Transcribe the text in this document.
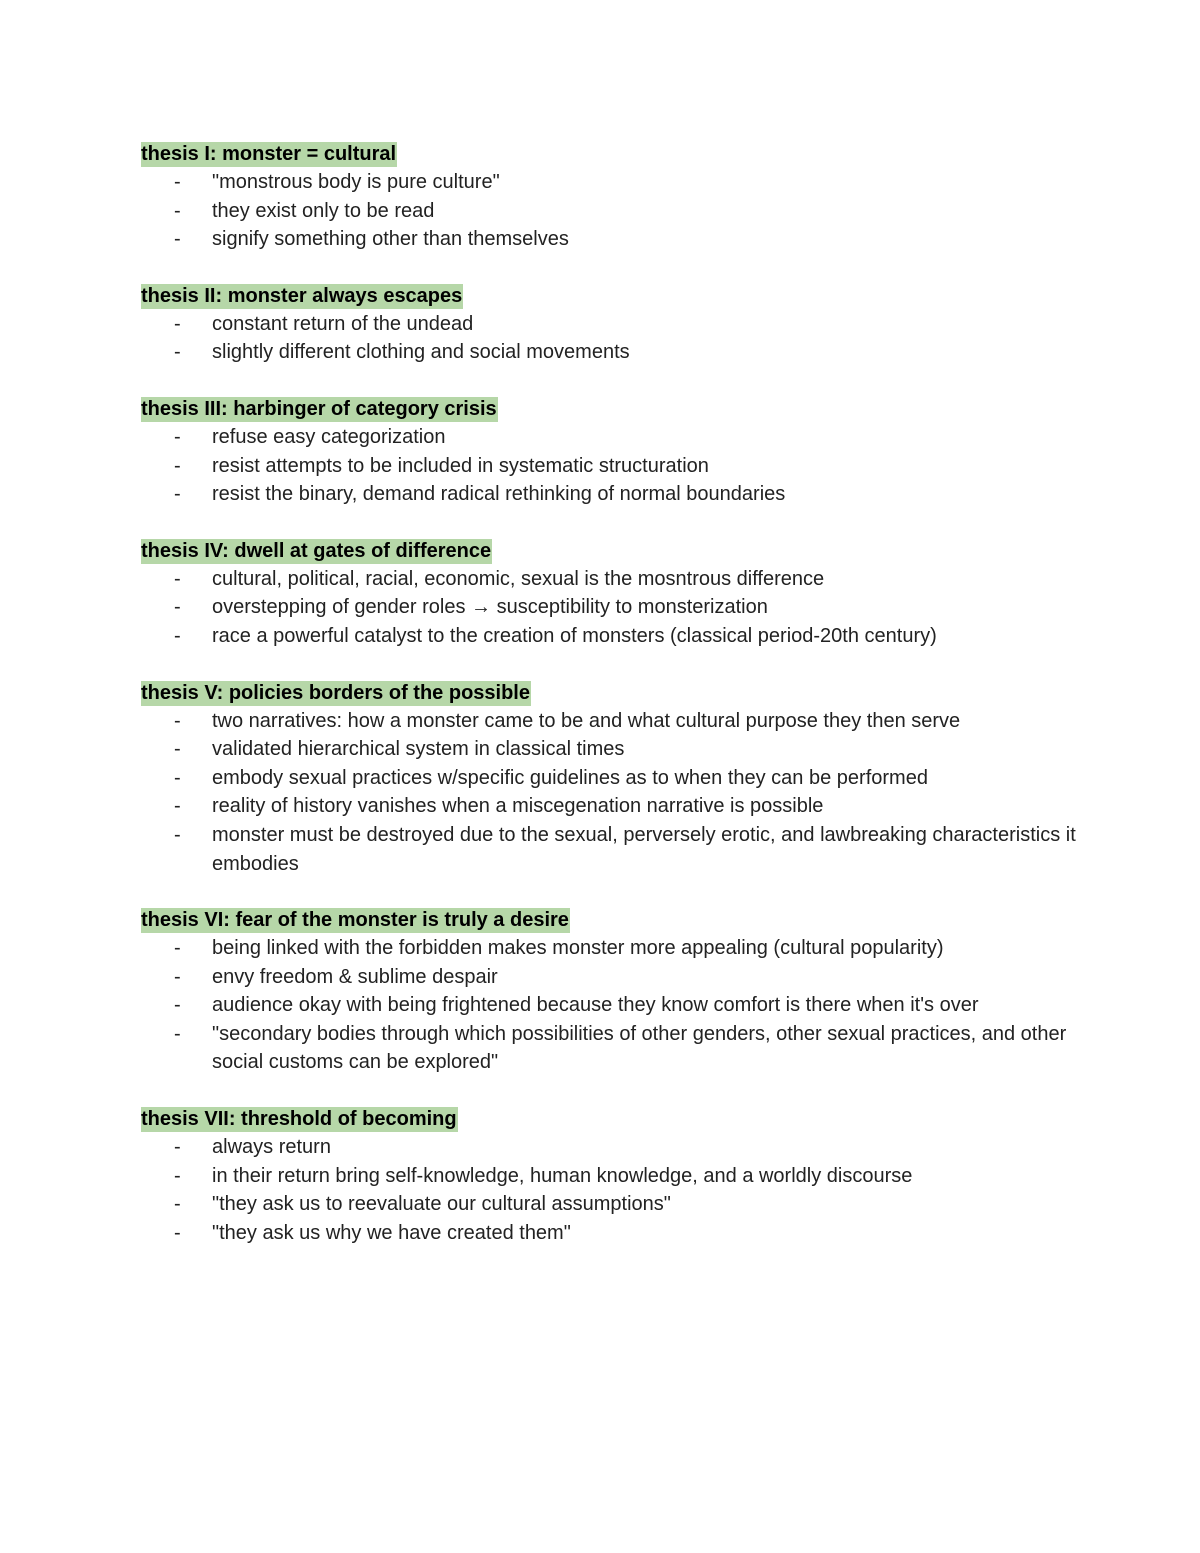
thesis I: monster = cultural
- "monstrous body is pure culture"
- they exist only to be read
- signify something other than themselves
thesis II: monster always escapes
- constant return of the undead
- slightly different clothing and social movements
thesis III: harbinger of category crisis
- refuse easy categorization
- resist attempts to be included in systematic structuration
- resist the binary, demand radical rethinking of normal boundaries
thesis IV: dwell at gates of difference
- cultural, political, racial, economic, sexual is the mosntrous difference
- overstepping of gender roles → susceptibility to monsterization
- race a powerful catalyst to the creation of monsters (classical period-20th century)
thesis V: policies borders of the possible
- two narratives: how a monster came to be and what cultural purpose they then serve
- validated hierarchical system in classical times
- embody sexual practices w/specific guidelines as to when they can be performed
- reality of history vanishes when a miscegenation narrative is possible
- monster must be destroyed due to the sexual, perversely erotic, and lawbreaking characteristics it embodies
thesis VI: fear of the monster is truly a desire
- being linked with the forbidden makes monster more appealing (cultural popularity)
- envy freedom & sublime despair
- audience okay with being frightened because they know comfort is there when it's over
- "secondary bodies through which possibilities of other genders, other sexual practices, and other social customs can be explored"
thesis VII: threshold of becoming
- always return
- in their return bring self-knowledge, human knowledge, and a worldly discourse
- "they ask us to reevaluate our cultural assumptions"
- "they ask us why we have created them"
